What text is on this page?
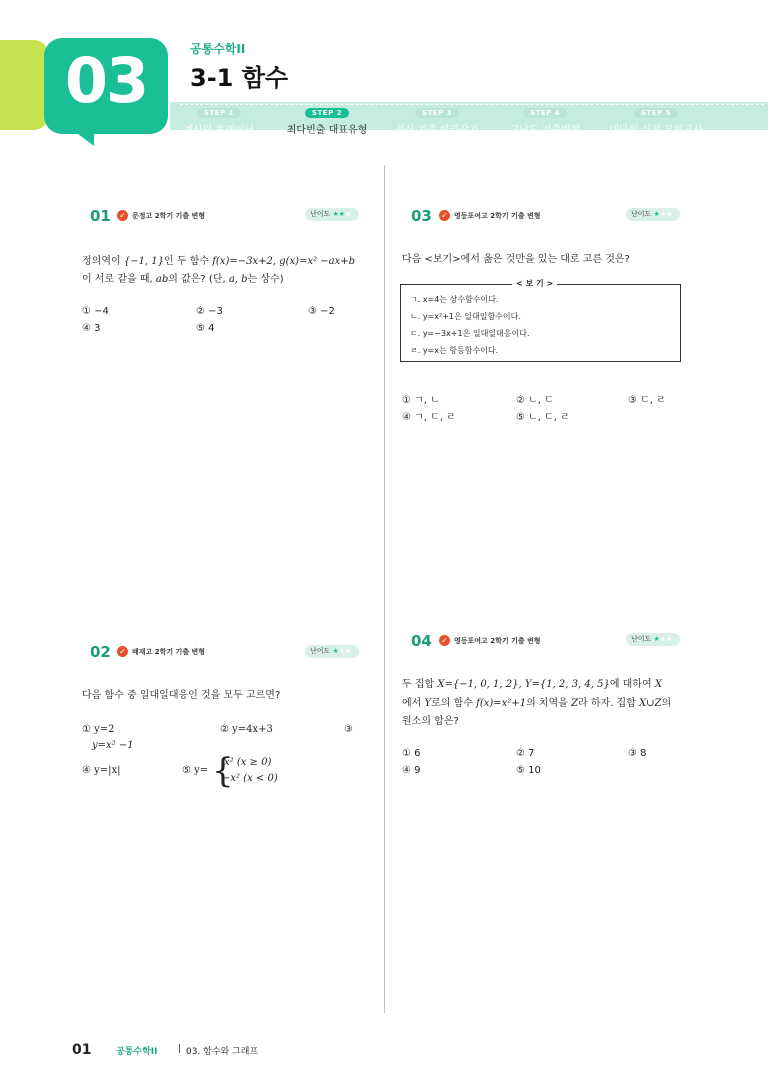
03	공통수학II
3-1 함수
STEP 1
계산력 트레이닝
STEP 2
최다빈출 대표유형
STEP 3
최신 기출 따라잡기
STEP 4
고난도 기출변형
STEP 5
대단원 실전 모의고사
01 ✓ 문정고 2학기 기출 변형	난이도 ★★★
정의역이 {−1, 1}인 두 함수 f(x)=−3x+2, g(x)=x² −ax+b
이 서로 같을 때, ab의 값은? (단, a, b는 상수)
① −4	② −3	③ −2
④ 3	⑤ 4
02 ✓ 배재고 2학기 기출 변형	난이도 ★★★
다음 함수 중 일대일대응인 것을 모두 고르면?
① y=2	② y=4x+3	③
y=x² −1
④ y=|x|	⑤ y= {
x² (x ≥ 0)
−x² (x < 0)
03 ✓ 영등포여고 2학기 기출 변형	난이도 ★★★
다음 <보기>에서 옳은 것만을 있는 대로 고른 것은?
< 보 기 >
ㄱ. x=4는 상수함수이다.
ㄴ. y=x²+1은 일대일함수이다.
ㄷ. y=−3x+1은 일대일대응이다.
ㄹ. y=x는 항등함수이다.
① ㄱ, ㄴ	② ㄴ, ㄷ	③ ㄷ, ㄹ
④ ㄱ, ㄷ, ㄹ	⑤ ㄴ, ㄷ, ㄹ
04 ✓ 영등포여고 2학기 기출 변형	난이도 ★★★
두 집합 X={−1, 0, 1, 2}, Y={1, 2, 3, 4, 5}에 대하여 X
에서 Y로의 함수 f(x)=x²+1의 치역을 Z라 하자. 집합 X∪Z의
원소의 합은?
① 6	② 7	③ 8
④ 9	⑤ 10
01	공통수학II | 03. 함수와 그래프
